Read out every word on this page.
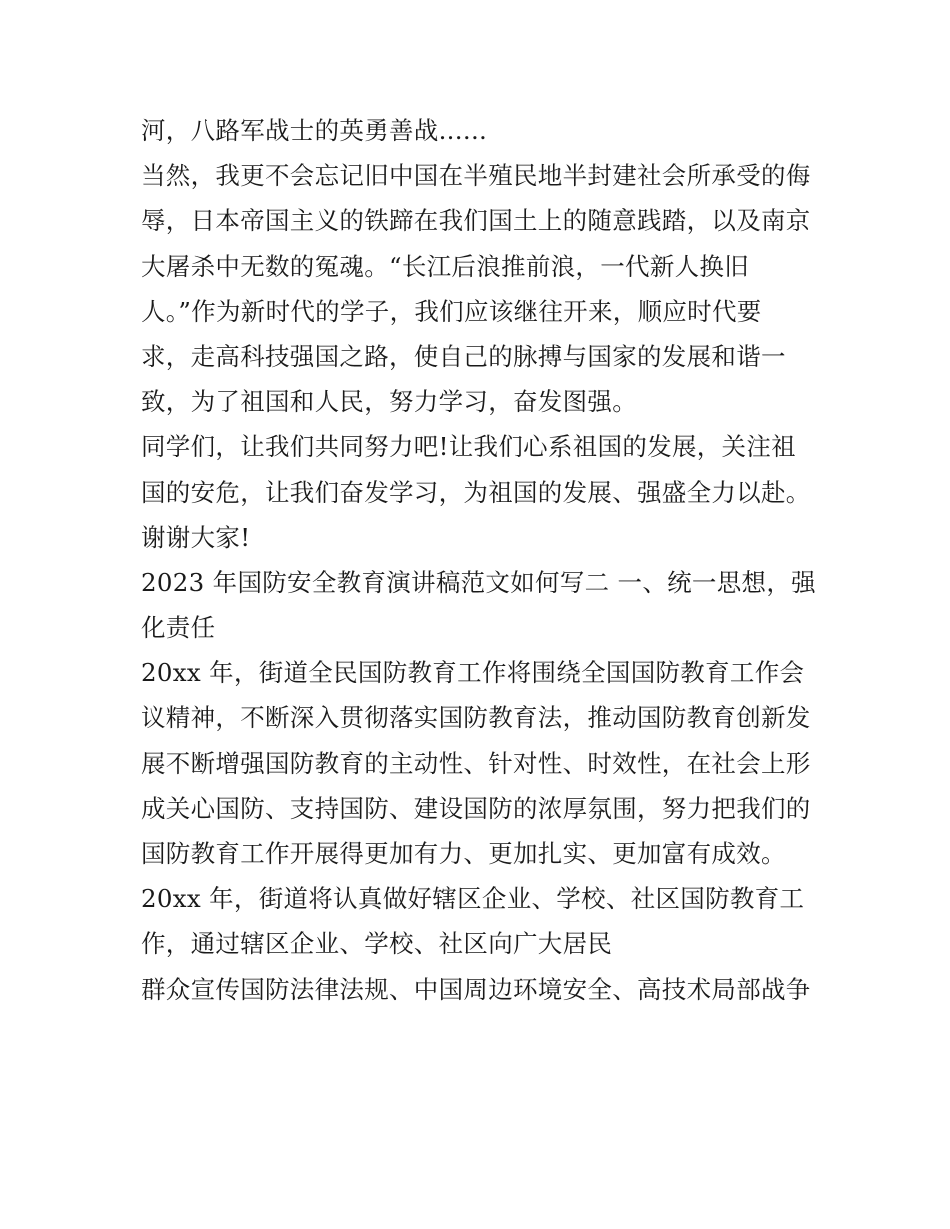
河，八路军战士的英勇善战......
当然，我更不会忘记旧中国在半殖民地半封建社会所承受的侮
辱，日本帝国主义的铁蹄在我们国土上的随意践踏，以及南京
大屠杀中无数的冤魂。“长江后浪推前浪，一代新人换旧
人。”作为新时代的学子，我们应该继往开来，顺应时代要
求，走高科技强国之路，使自己的脉搏与国家的发展和谐一
致，为了祖国和人民，努力学习，奋发图强。
同学们，让我们共同努力吧!让我们心系祖国的发展，关注祖
国的安危，让我们奋发学习，为祖国的发展、强盛全力以赴。
谢谢大家!
2023 年国防安全教育演讲稿范文如何写二 一、统一思想，强
化责任
20xx 年，街道全民国防教育工作将围绕全国国防教育工作会
议精神，不断深入贯彻落实国防教育法，推动国防教育创新发
展不断增强国防教育的主动性、针对性、时效性，在社会上形
成关心国防、支持国防、建设国防的浓厚氛围，努力把我们的
国防教育工作开展得更加有力、更加扎实、更加富有成效。
20xx 年，街道将认真做好辖区企业、学校、社区国防教育工
作，通过辖区企业、学校、社区向广大居民
群众宣传国防法律法规、中国周边环境安全、高技术局部战争
